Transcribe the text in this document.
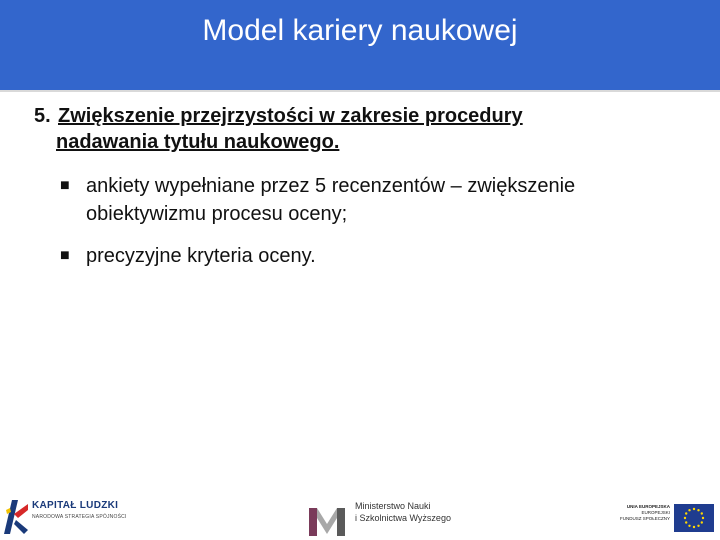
Model kariery naukowej
5. Zwiększenie przejrzystości w zakresie procedury
nadawania tytułu naukowego.
■ ankiety wypełniane przez 5 recenzentów – zwiększenie
obiektywizmu procesu oceny;
■ precyzyjne kryteria oceny.
KAPITAŁ LUDZKI
NARODOWA STRATEGIA SPÓJNOŚCI
Ministerstwo Nauki
i Szkolnictwa Wyższego
UNIA EUROPEJSKA
EUROPEJSKI
FUNDUSZ SPOŁECZNY
